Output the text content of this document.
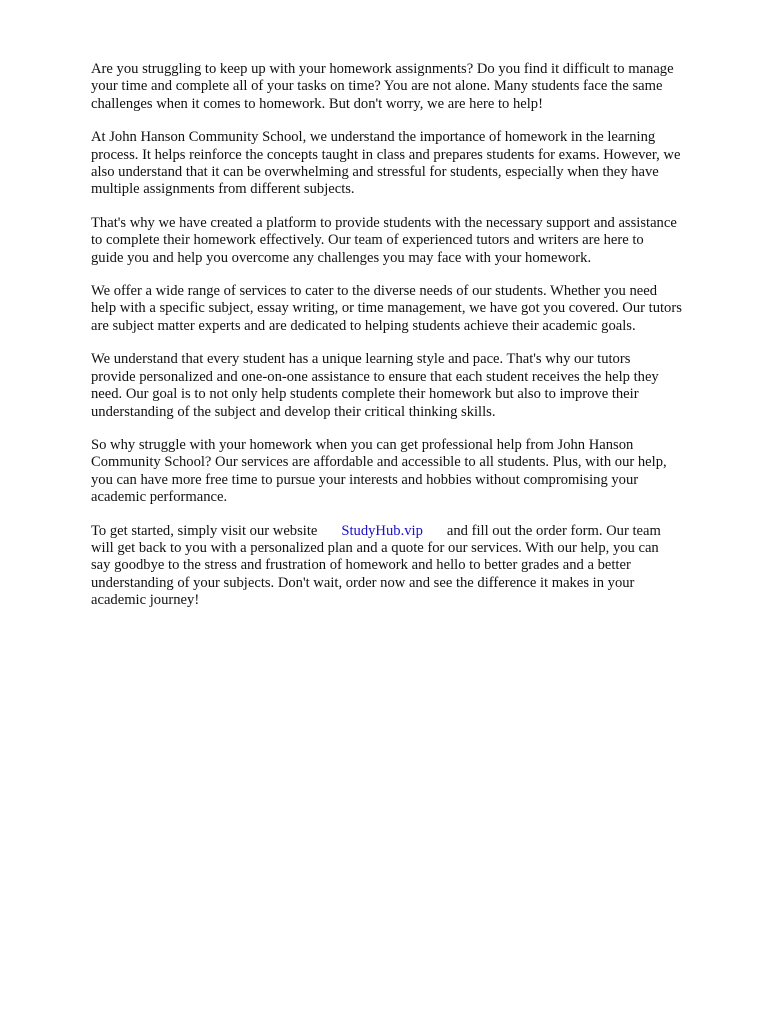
Are you struggling to keep up with your homework assignments? Do you find it difficult to manage
your time and complete all of your tasks on time? You are not alone. Many students face the same
challenges when it comes to homework. But don't worry, we are here to help!

At John Hanson Community School, we understand the importance of homework in the learning
process. It helps reinforce the concepts taught in class and prepares students for exams. However, we
also understand that it can be overwhelming and stressful for students, especially when they have
multiple assignments from different subjects.

That's why we have created a platform to provide students with the necessary support and assistance
to complete their homework effectively. Our team of experienced tutors and writers are here to
guide you and help you overcome any challenges you may face with your homework.

We offer a wide range of services to cater to the diverse needs of our students. Whether you need
help with a specific subject, essay writing, or time management, we have got you covered. Our tutors
are subject matter experts and are dedicated to helping students achieve their academic goals.

We understand that every student has a unique learning style and pace. That's why our tutors
provide personalized and one-on-one assistance to ensure that each student receives the help they
need. Our goal is to not only help students complete their homework but also to improve their
understanding of the subject and develop their critical thinking skills.

So why struggle with your homework when you can get professional help from John Hanson
Community School? Our services are affordable and accessible to all students. Plus, with our help,
you can have more free time to pursue your interests and hobbies without compromising your
academic performance.

To get started, simply visit our website StudyHub.vip and fill out the order form. Our team
will get back to you with a personalized plan and a quote for our services. With our help, you can
say goodbye to the stress and frustration of homework and hello to better grades and a better
understanding of your subjects. Don't wait, order now and see the difference it makes in your
academic journey!
